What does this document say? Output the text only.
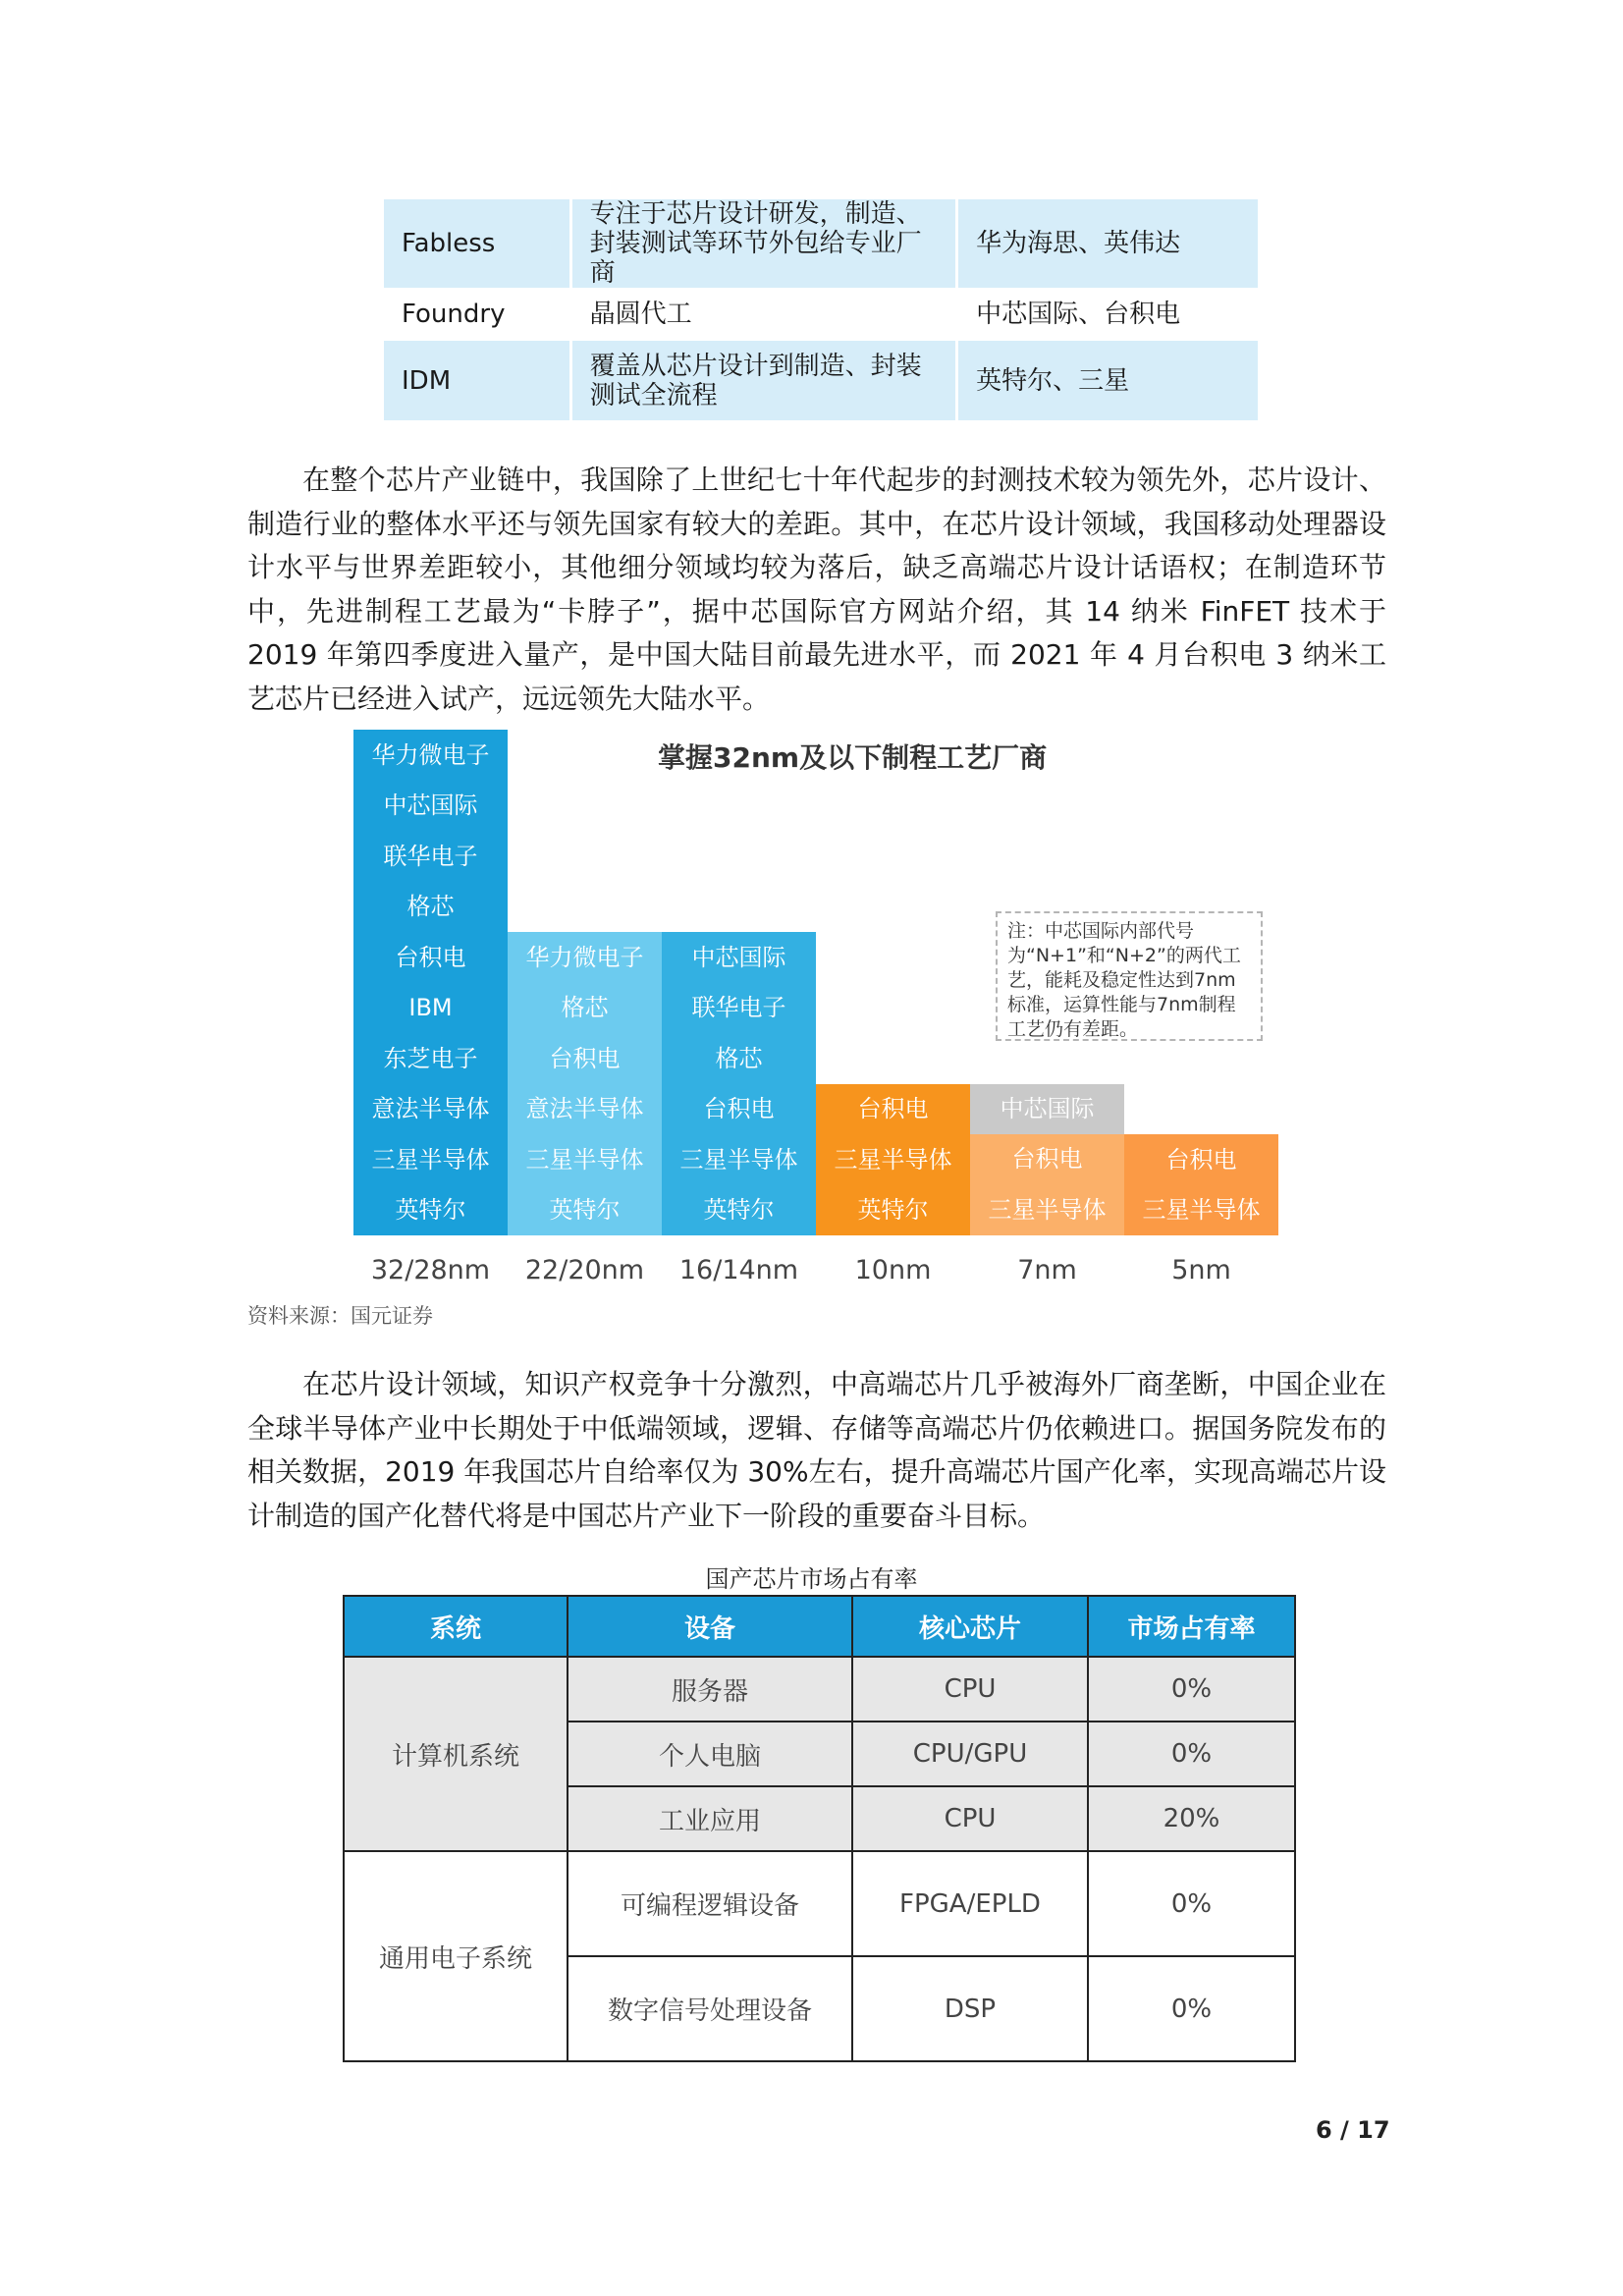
Fabless	专注于芯片设计研发，制造、封装测试等环节外包给专业厂商	华为海思、英伟达
Foundry	晶圆代工	中芯国际、台积电
IDM	覆盖从芯片设计到制造、封装测试全流程	英特尔、三星

在整个芯片产业链中，我国除了上世纪七十年代起步的封测技术较为领先外，芯片设计、制造行业的整体水平还与领先国家有较大的差距。其中，在芯片设计领域，我国移动处理器设计水平与世界差距较小，其他细分领域均较为落后，缺乏高端芯片设计话语权；在制造环节中，先进制程工艺最为“卡脖子”，据中芯国际官方网站介绍，其 14 纳米 FinFET 技术于 2019 年第四季度进入量产，是中国大陆目前最先进水平，而 2021 年 4 月台积电 3 纳米工艺芯片已经进入试产，远远领先大陆水平。

掌握32nm及以下制程工艺厂商
华力微电子
中芯国际
联华电子
格芯
台积电
IBM
东芝电子
意法半导体
三星半导体
英特尔
32/28nm
华力微电子
格芯
台积电
意法半导体
三星半导体
英特尔
22/20nm
中芯国际
联华电子
格芯
台积电
三星半导体
英特尔
16/14nm
台积电
三星半导体
英特尔
10nm
中芯国际
台积电
三星半导体
7nm
台积电
三星半导体
5nm
注：中芯国际内部代号为“N+1”和“N+2”的两代工艺，能耗及稳定性达到7nm标准，运算性能与7nm制程工艺仍有差距。
资料来源：国元证券

在芯片设计领域，知识产权竞争十分激烈，中高端芯片几乎被海外厂商垄断，中国企业在全球半导体产业中长期处于中低端领域，逻辑、存储等高端芯片仍依赖进口。据国务院发布的相关数据，2019 年我国芯片自给率仅为 30%左右，提升高端芯片国产化率，实现高端芯片设计制造的国产化替代将是中国芯片产业下一阶段的重要奋斗目标。

国产芯片市场占有率
系统	设备	核心芯片	市场占有率
计算机系统	服务器	CPU	0%
	个人电脑	CPU/GPU	0%
	工业应用	CPU	20%
通用电子系统	可编程逻辑设备	FPGA/EPLD	0%
	数字信号处理设备	DSP	0%
6 / 17
